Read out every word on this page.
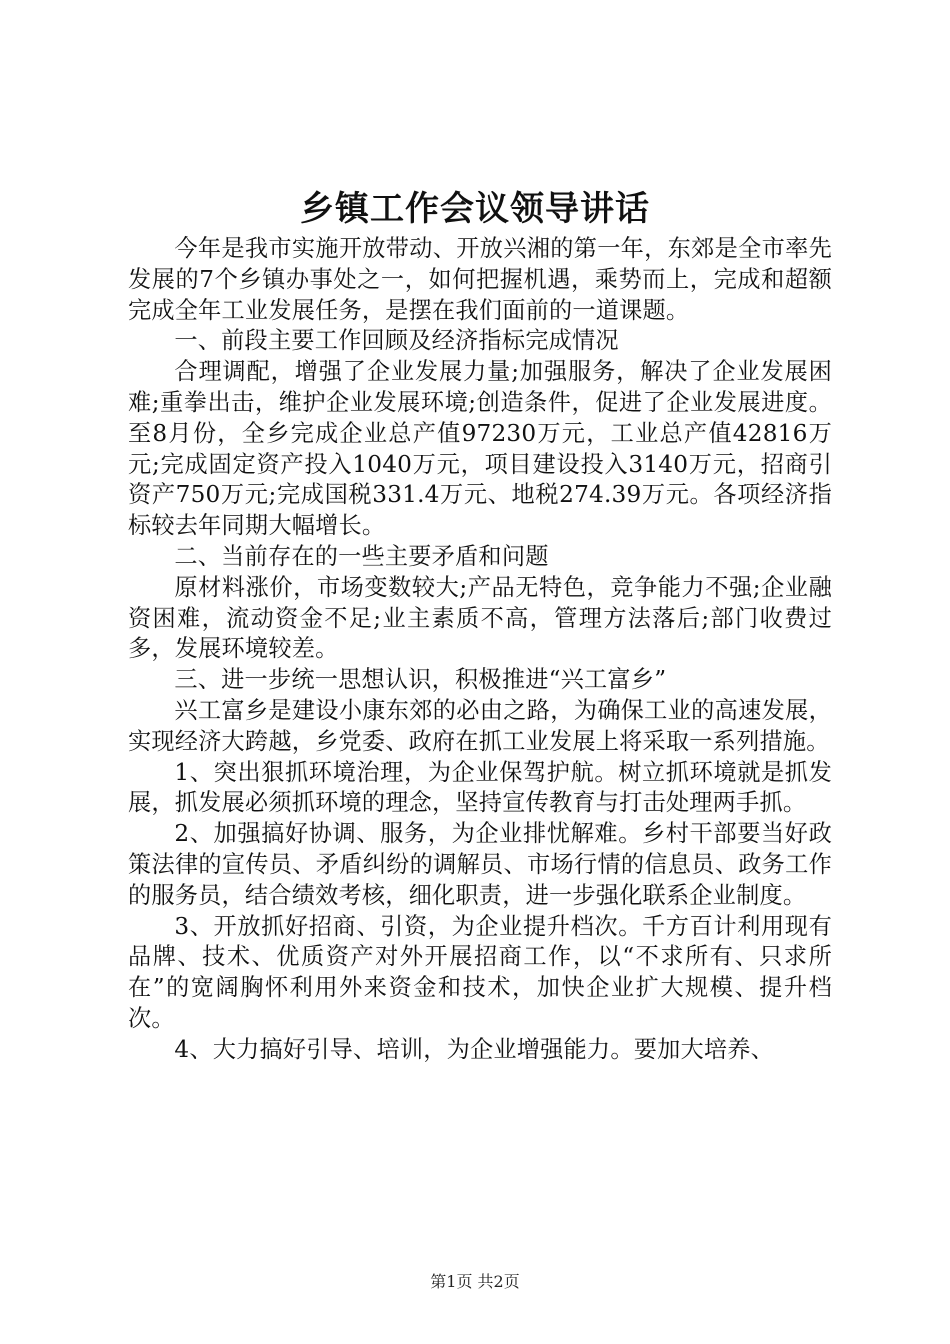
乡镇工作会议领导讲话

今年是我市实施开放带动、开放兴湘的第一年，东郊是全市率先发展的7个乡镇办事处之一，如何把握机遇，乘势而上，完成和超额完成全年工业发展任务，是摆在我们面前的一道课题。

一、前段主要工作回顾及经济指标完成情况

合理调配，增强了企业发展力量;加强服务，解决了企业发展困难;重拳出击，维护企业发展环境;创造条件，促进了企业发展进度。至8月份，全乡完成企业总产值97230万元，工业总产值42816万元;完成固定资产投入1040万元，项目建设投入3140万元，招商引资产750万元;完成国税331.4万元、地税274.39万元。各项经济指标较去年同期大幅增长。

二、当前存在的一些主要矛盾和问题

原材料涨价，市场变数较大;产品无特色，竞争能力不强;企业融资困难，流动资金不足;业主素质不高，管理方法落后;部门收费过多，发展环境较差。

三、进一步统一思想认识，积极推进“兴工富乡”

兴工富乡是建设小康东郊的必由之路，为确保工业的高速发展，实现经济大跨越，乡党委、政府在抓工业发展上将采取一系列措施。

1、突出狠抓环境治理，为企业保驾护航。树立抓环境就是抓发展，抓发展必须抓环境的理念，坚持宣传教育与打击处理两手抓。

2、加强搞好协调、服务，为企业排忧解难。乡村干部要当好政策法律的宣传员、矛盾纠纷的调解员、市场行情的信息员、政务工作的服务员，结合绩效考核，细化职责，进一步强化联系企业制度。

3、开放抓好招商、引资，为企业提升档次。千方百计利用现有品牌、技术、优质资产对外开展招商工作，以“不求所有、只求所在”的宽阔胸怀利用外来资金和技术，加快企业扩大规模、提升档次。

4、大力搞好引导、培训，为企业增强能力。要加大培养、

第1页 共2页
